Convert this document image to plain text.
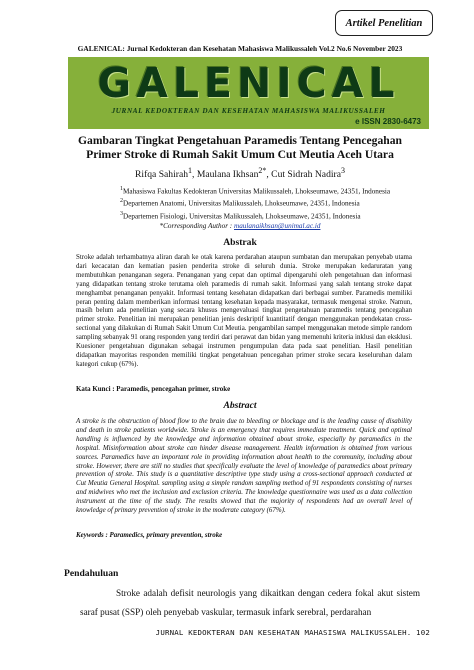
Artikel Penelitian
GALENICAL: Jurnal Kedokteran dan Kesehatan Mahasiswa Malikussaleh Vol.2 No.6 November 2023
GALENICAL
JURNAL KEDOKTERAN DAN KESEHATAN MAHASISWA MALIKUSSALEH
e ISSN 2830-6473
Gambaran Tingkat Pengetahuan Paramedis Tentang Pencegahan Primer Stroke di Rumah Sakit Umum Cut Meutia Aceh Utara
Rifqa Sahirah$^1$, Maulana Ikhsan$^{2*}$, Cut Sidrah Nadira$^3$
$^1$Mahasiswa Fakultas Kedokteran Universitas Malikussaleh, Lhokseumawe, 24351, Indonesia
$^2$Departemen Anatomi, Universitas Malikussaleh, Lhokseumawe, 24351, Indonesia
$^3$Departemen Fisiologi, Universitas Malikussaleh, Lhokseumawe, 24351, Indonesia
*Corresponding Author : maulanaikhsan@unimal.ac.id
Abstrak
Stroke adalah terhambatnya aliran darah ke otak karena perdarahan ataupun sumbatan dan merupakan penyebab utama dari kecacatan dan kematian pasien penderita stroke di seluruh dunia. Stroke merupakan kedaruratan yang membutuhkan penanganan segera. Penanganan yang cepat dan optimal dipengaruhi oleh pengetahuan dan informasi yang didapatkan tentang stroke terutama oleh paramedis di rumah sakit. Informasi yang salah tentang stroke dapat menghambat penanganan penyakit. Informasi tentang kesehatan didapatkan dari berbagai sumber. Paramedis memiliki peran penting dalam memberikan informasi tentang kesehatan kepada masyarakat, termasuk mengenai stroke. Namun, masih belum ada penelitian yang secara khusus mengevaluasi tingkat pengetahuan paramedis tentang pencegahan primer stroke. Penelitian ini merupakan penelitian jenis deskriptif kuantitatif dengan menggunakan pendekatan cross-sectional yang dilakukan di Rumah Sakit Umum Cut Meutia. pengambilan sampel menggunakan metode simple random sampling sebanyak 91 orang responden yang terdiri dari perawat dan bidan yang memenuhi kriteria inklusi dan eksklusi. Kuesioner pengetahuan digunakan sebagai instrumen pengumpulan data pada saat penelitian. Hasil penelitian didapatkan mayoritas responden memiliki tingkat pengetahuan pencegahan primer stroke secara keseluruhan dalam kategori cukup (67%).
Kata Kunci : Paramedis, pencegahan primer, stroke
Abstract
A stroke is the obstruction of blood flow to the brain due to bleeding or blockage and is the leading cause of disability and death in stroke patients worldwide. Stroke is an emergency that requires immediate treatment. Quick and optimal handling is influenced by the knowledge and information obtained about stroke, especially by paramedics in the hospital. Misinformation about stroke can hinder disease management. Health information is obtained from various sources. Paramedics have an important role in providing information about health to the community, including about stroke. However, there are still no studies that specifically evaluate the level of knowledge of paramedics about primary prevention of stroke. This study is a quantitative descriptive type study using a cross-sectional approach conducted at Cut Meutia General Hospital. sampling using a simple random sampling method of 91 respondents consisting of nurses and midwives who met the inclusion and exclusion criteria. The knowledge questionnaire was used as a data collection instrument at the time of the study. The results showed that the majority of respondents had an overall level of knowledge of primary prevention of stroke in the moderate category (67%).
Keywords : Paramedics, primary prevention, stroke
Pendahuluan
Stroke adalah defisit neurologis yang dikaitkan dengan cedera fokal akut sistem saraf pusat (SSP) oleh penyebab vaskular, termasuk infark serebral, perdarahan
JURNAL KEDOKTERAN DAN KESEHATAN MAHASISWA MALIKUSSALEH. 102
